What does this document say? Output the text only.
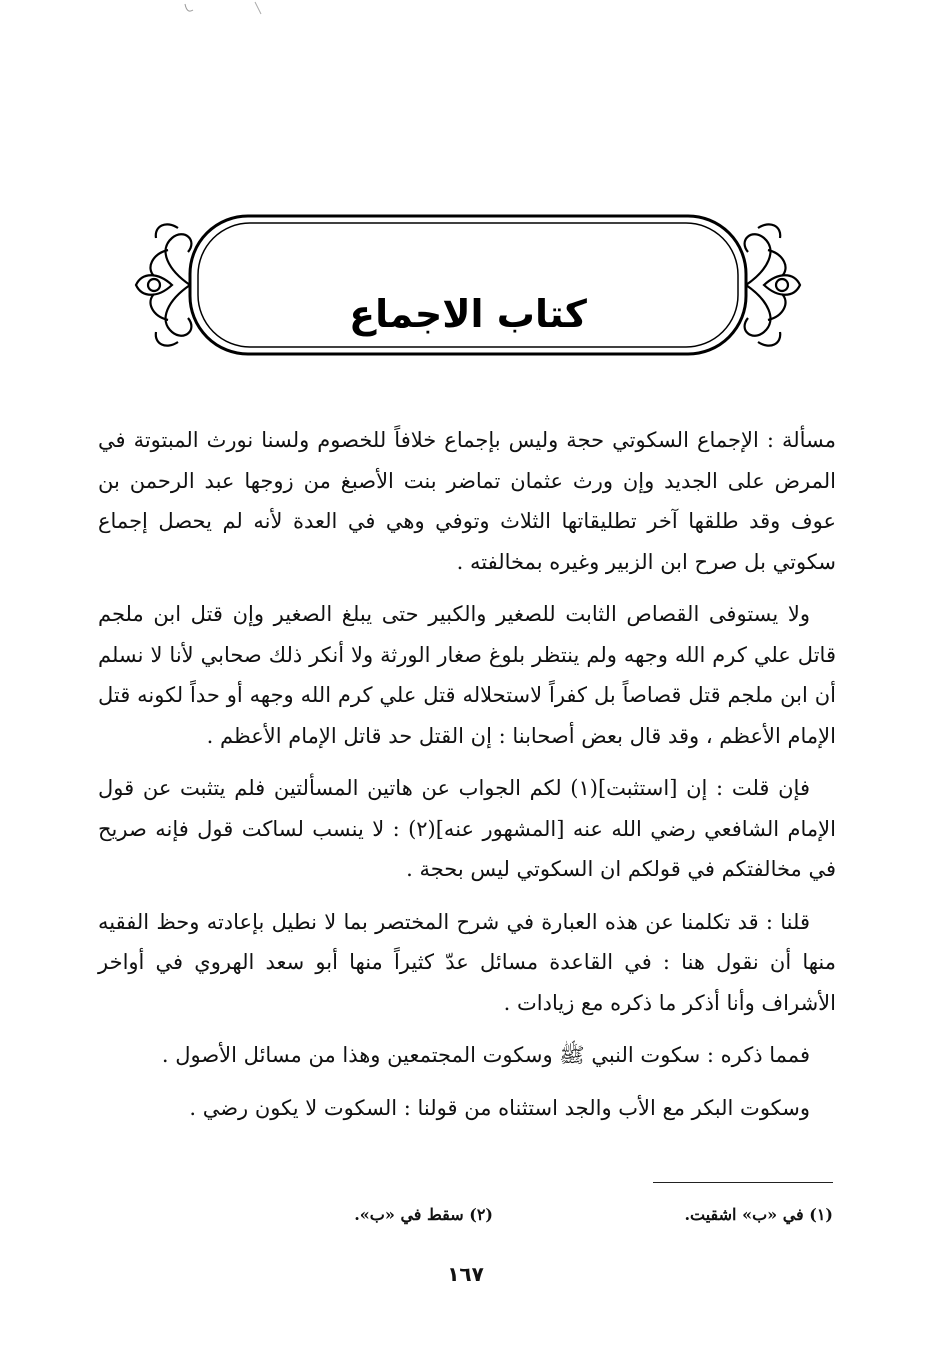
كتاب الاجماع

مسألة : الإجماع السكوتي حجة وليس بإجماع خلافاً للخصوم ولسنا نورث المبتوتة في المرض على الجديد وإن ورث عثمان تماضر بنت الأصبغ من زوجها عبد الرحمن بن عوف وقد طلقها آخر تطليقاتها الثلاث وتوفي وهي في العدة لأنه لم يحصل إجماع سكوتي بل صرح ابن الزبير وغيره بمخالفته .

ولا يستوفى القصاص الثابت للصغير والكبير حتى يبلغ الصغير وإن قتل ابن ملجم قاتل علي كرم الله وجهه ولم ينتظر بلوغ صغار الورثة ولا أنكر ذلك صحابي لأنا لا نسلم أن ابن ملجم قتل قصاصاً بل كفراً لاستحلاله قتل علي كرم الله وجهه أو حداً لكونه قتل الإمام الأعظم ، وقد قال بعض أصحابنا : إن القتل حد قاتل الإمام الأعظم .

فإن قلت : إن [استثبت](١) لكم الجواب عن هاتين المسألتين فلم يتثبت عن قول الإمام الشافعي رضي الله عنه [المشهور عنه](٢) : لا ينسب لساكت قول فإنه صريح في مخالفتكم في قولكم ان السكوتي ليس بحجة .

قلنا : قد تكلمنا عن هذه العبارة في شرح المختصر بما لا نطيل بإعادته وحظ الفقيه منها أن نقول هنا : في القاعدة مسائل عدّ كثيراً منها أبو سعد الهروي في أواخر الأشراف وأنا أذكر ما ذكره مع زيادات .

فمما ذكره : سكوت النبي ﷺ وسكوت المجتمعين وهذا من مسائل الأصول .

وسكوت البكر مع الأب والجد استثناه من قولنا : السكوت لا يكون رضي .

(١) في «ب» اشقيت.
(٢) سقط في «ب».
١٦٧
